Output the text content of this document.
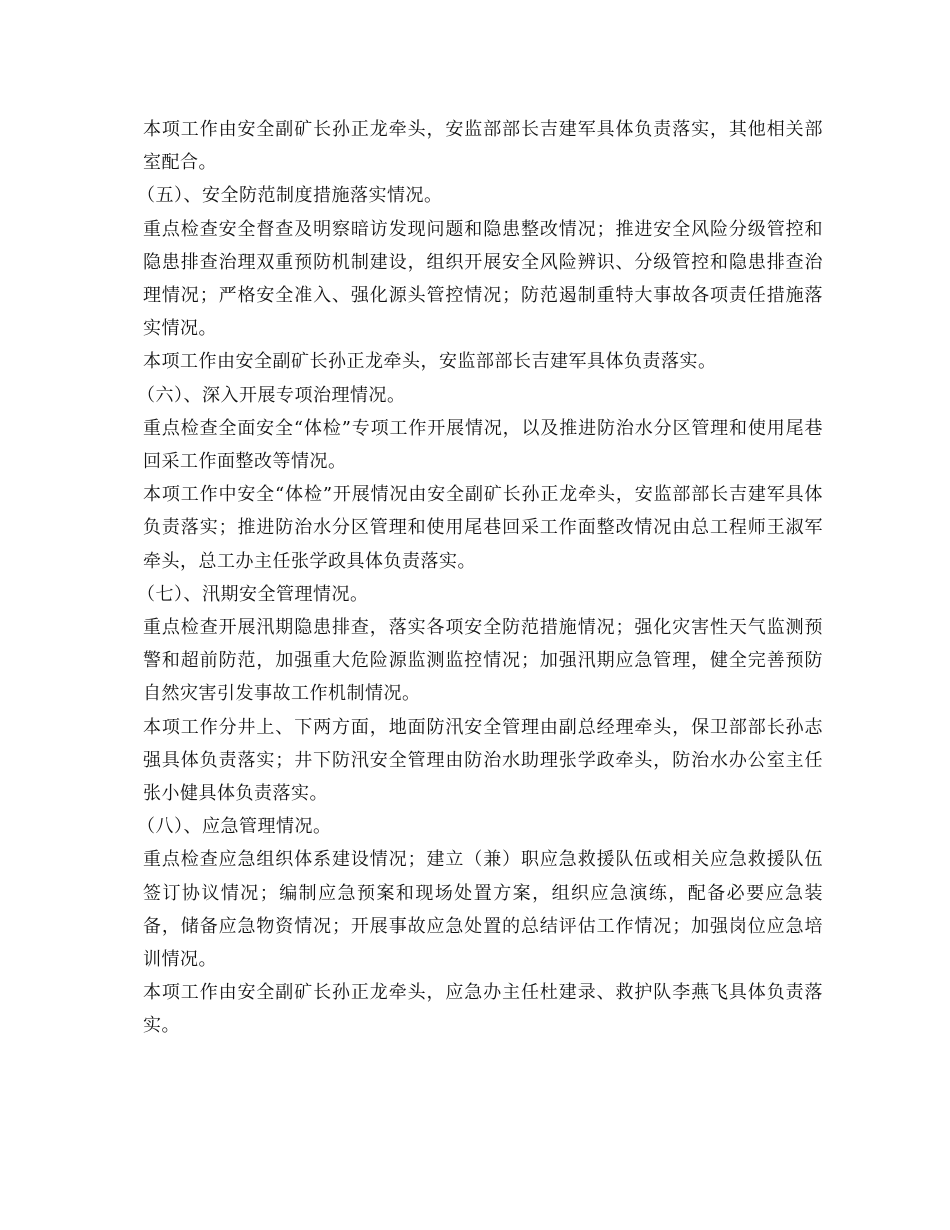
本项工作由安全副矿长孙正龙牵头，安监部部长吉建军具体负责落实，其他相关部室配合。

（五）、安全防范制度措施落实情况。

重点检查安全督查及明察暗访发现问题和隐患整改情况；推进安全风险分级管控和隐患排查治理双重预防机制建设，组织开展安全风险辨识、分级管控和隐患排查治理情况；严格安全准入、强化源头管控情况；防范遏制重特大事故各项责任措施落实情况。

本项工作由安全副矿长孙正龙牵头，安监部部长吉建军具体负责落实。

（六）、深入开展专项治理情况。

重点检查全面安全“体检”专项工作开展情况，以及推进防治水分区管理和使用尾巷回采工作面整改等情况。

本项工作中安全“体检”开展情况由安全副矿长孙正龙牵头，安监部部长吉建军具体负责落实；推进防治水分区管理和使用尾巷回采工作面整改情况由总工程师王淑军牵头，总工办主任张学政具体负责落实。

（七）、汛期安全管理情况。

重点检查开展汛期隐患排查，落实各项安全防范措施情况；强化灾害性天气监测预警和超前防范，加强重大危险源监测监控情况；加强汛期应急管理，健全完善预防自然灾害引发事故工作机制情况。

本项工作分井上、下两方面，地面防汛安全管理由副总经理牵头，保卫部部长孙志强具体负责落实；井下防汛安全管理由防治水助理张学政牵头，防治水办公室主任张小健具体负责落实。

（八）、应急管理情况。

重点检查应急组织体系建设情况；建立（兼）职应急救援队伍或相关应急救援队伍签订协议情况；编制应急预案和现场处置方案，组织应急演练，配备必要应急装备，储备应急物资情况；开展事故应急处置的总结评估工作情况；加强岗位应急培训情况。

本项工作由安全副矿长孙正龙牵头，应急办主任杜建录、救护队李燕飞具体负责落实。
